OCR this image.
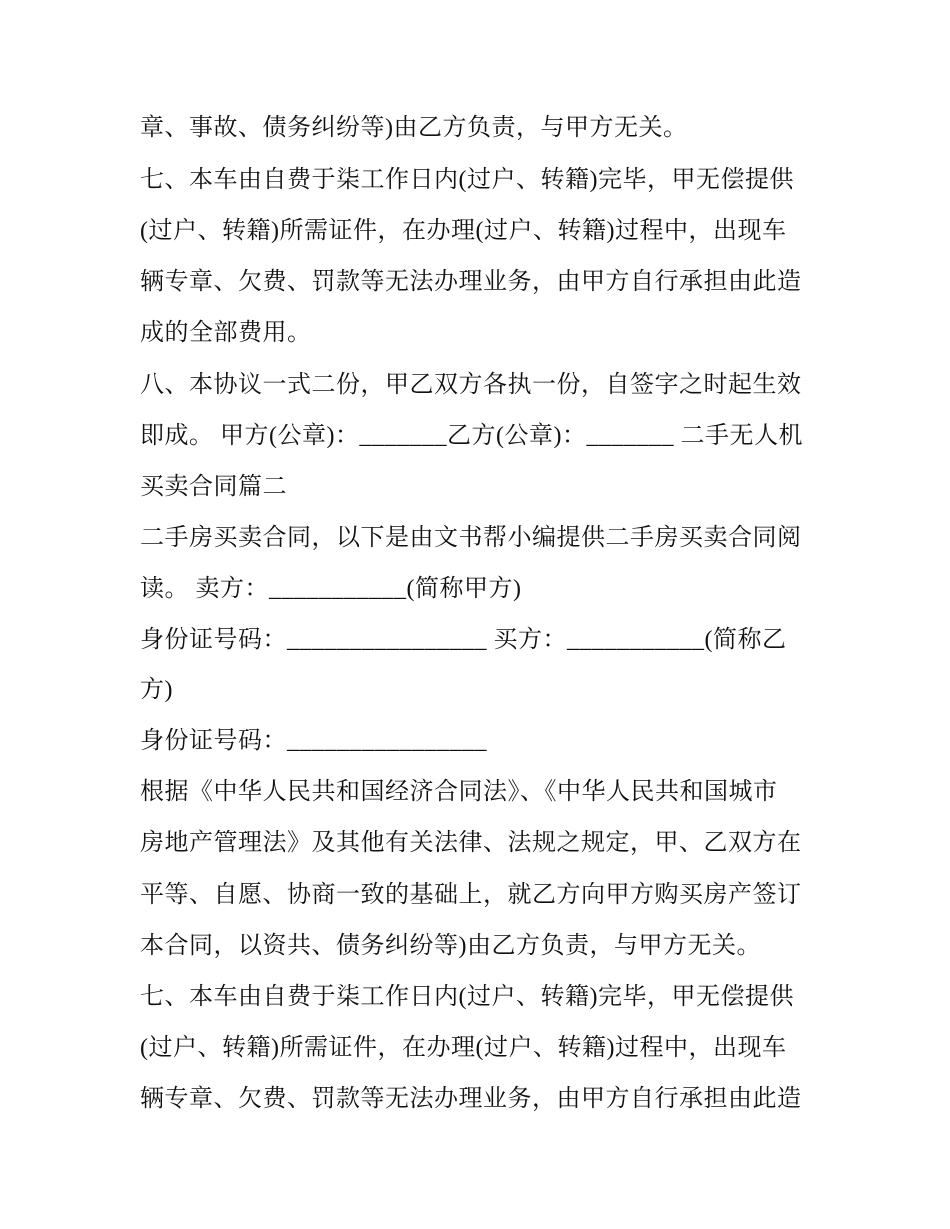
章、事故、债务纠纷等)由乙方负责，与甲方无关。
七、本车由自费于柒工作日内(过户、转籍)完毕，甲无偿提供
(过户、转籍)所需证件，在办理(过户、转籍)过程中，出现车
辆专章、欠费、罚款等无法办理业务，由甲方自行承担由此造
成的全部费用。
八、本协议一式二份，甲乙双方各执一份，自签字之时起生效
即成。 甲方(公章)：_______乙方(公章)：_______ 二手无人机
买卖合同篇二
二手房买卖合同，以下是由文书帮小编提供二手房买卖合同阅
读。 卖方：___________(简称甲方)
身份证号码：________________ 买方：___________(简称乙
方)
身份证号码：________________
根据《中华人民共和国经济合同法》、《中华人民共和国城市
房地产管理法》及其他有关法律、法规之规定，甲、乙双方在
平等、自愿、协商一致的基础上，就乙方向甲方购买房产签订
本合同，以资共、债务纠纷等)由乙方负责，与甲方无关。
七、本车由自费于柒工作日内(过户、转籍)完毕，甲无偿提供
(过户、转籍)所需证件，在办理(过户、转籍)过程中，出现车
辆专章、欠费、罚款等无法办理业务，由甲方自行承担由此造
